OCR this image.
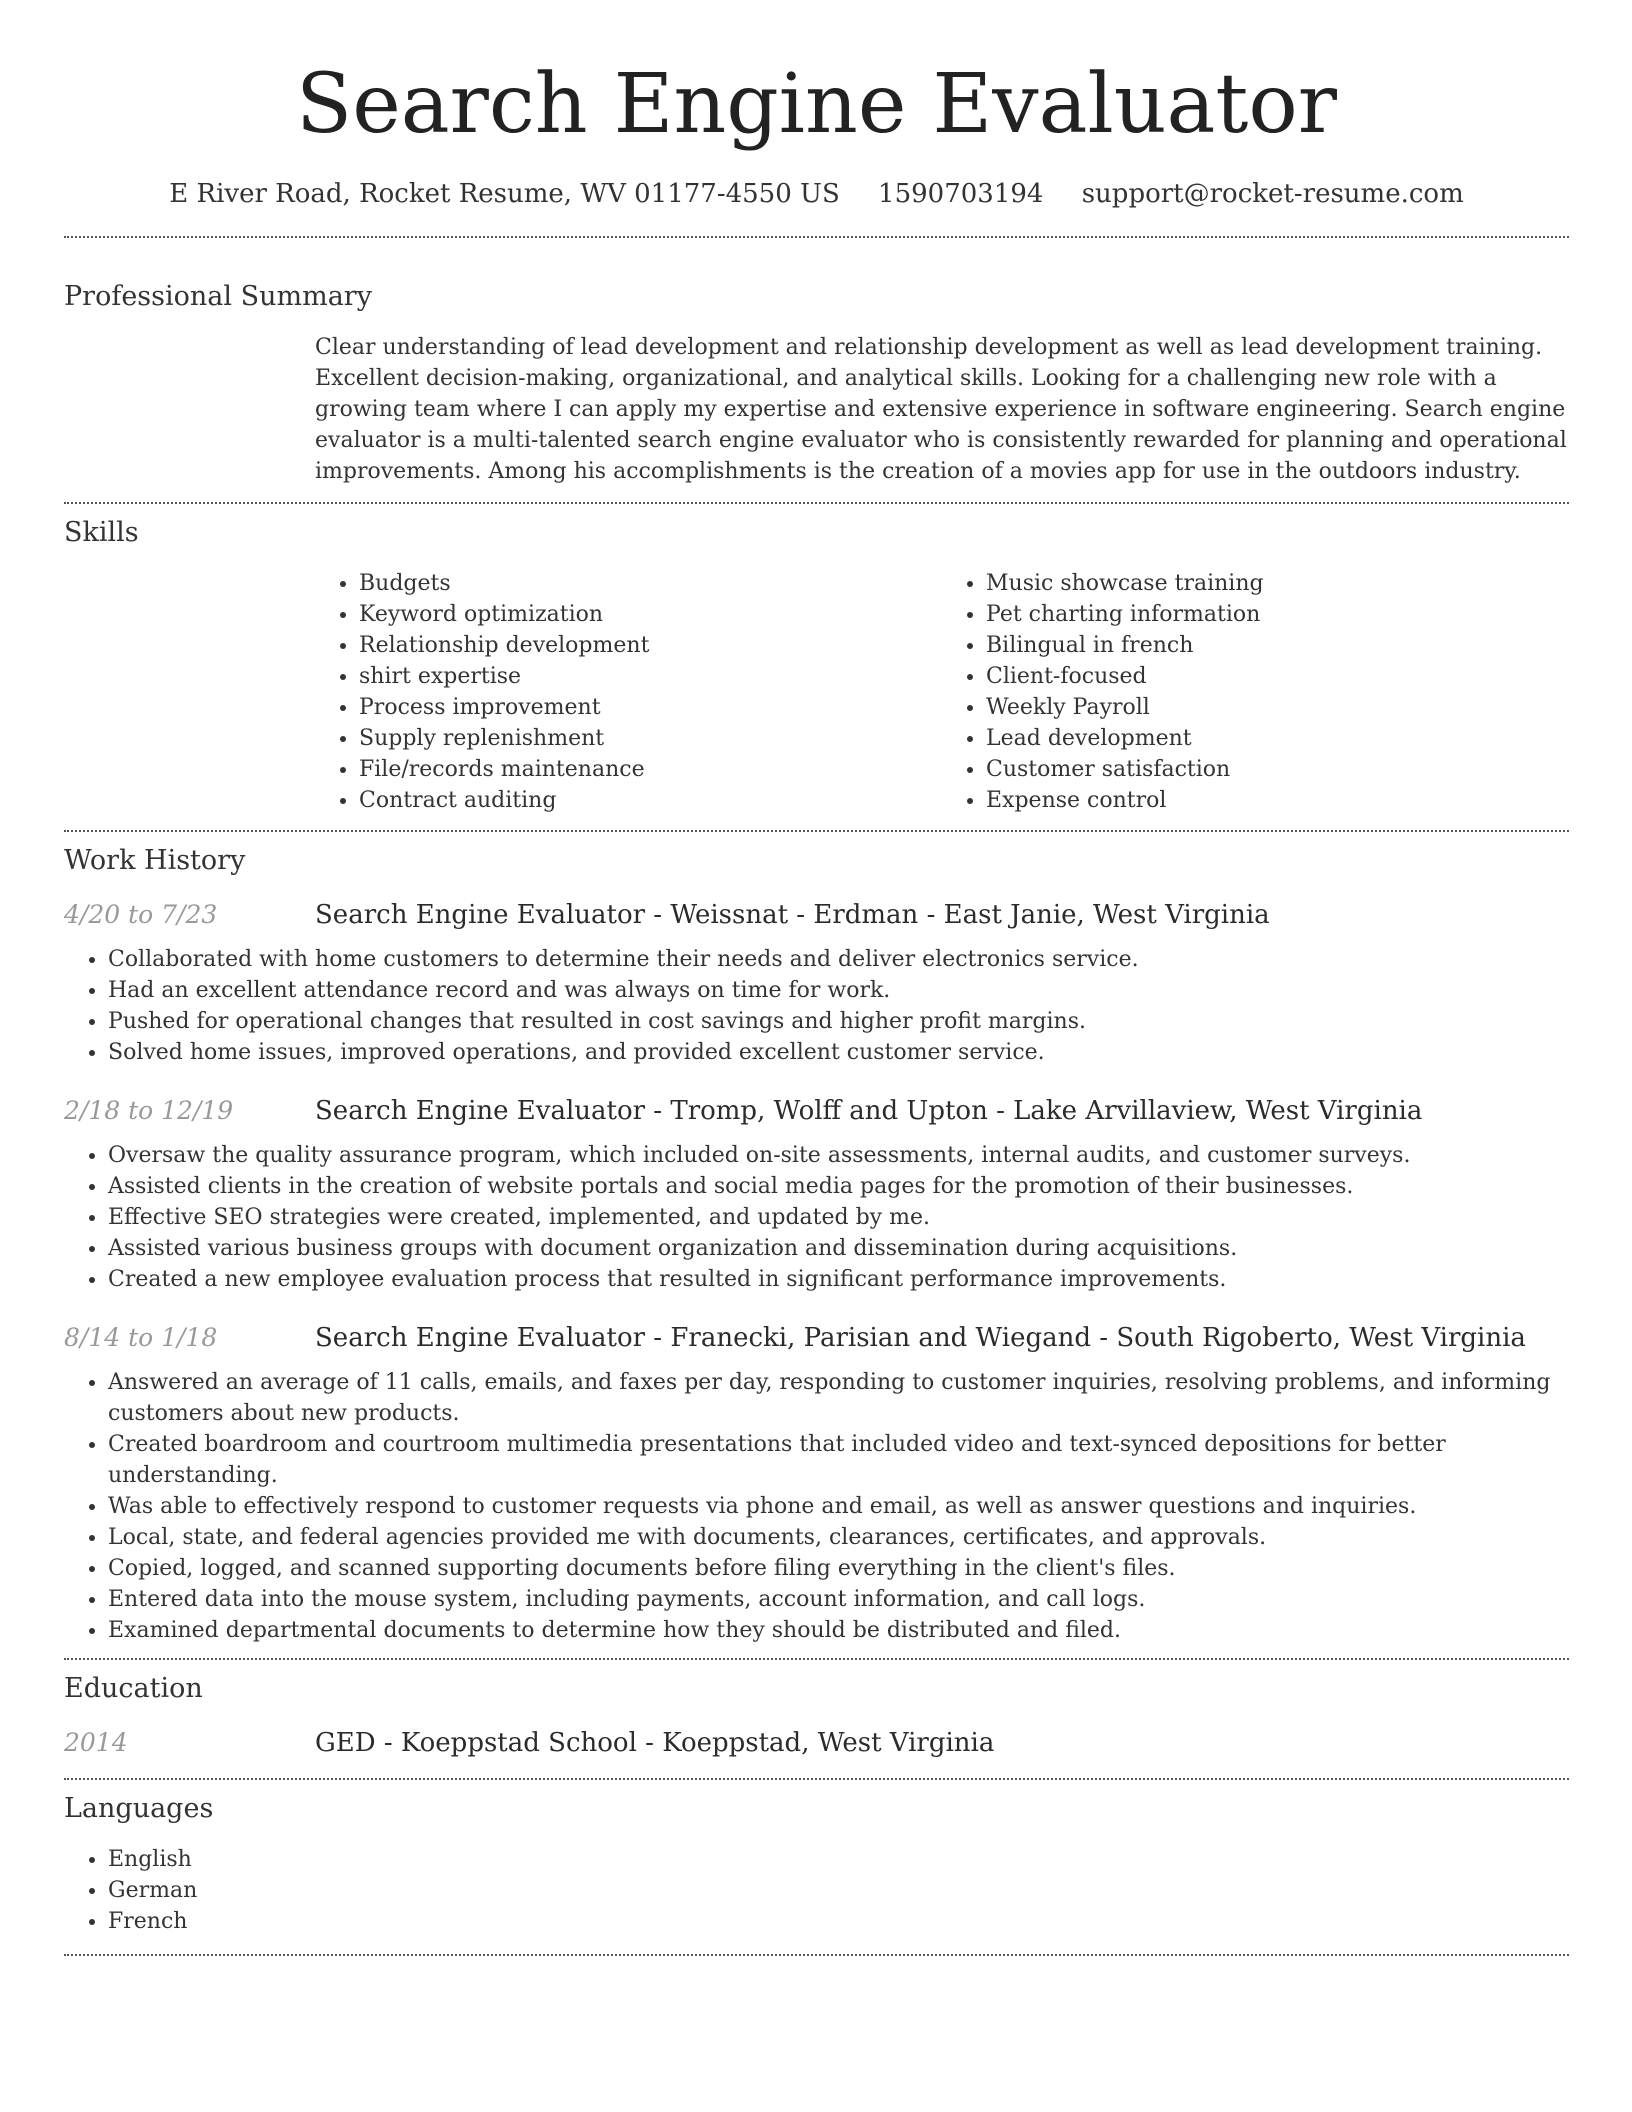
Search Engine Evaluator
E River Road, Rocket Resume, WV 01177-4550 US 1590703194 support@rocket-resume.com
Professional Summary
Clear understanding of lead development and relationship development as well as lead development training. Excellent decision-making, organizational, and analytical skills. Looking for a challenging new role with a growing team where I can apply my expertise and extensive experience in software engineering. Search engine evaluator is a multi-talented search engine evaluator who is consistently rewarded for planning and operational improvements. Among his accomplishments is the creation of a movies app for use in the outdoors industry.
Skills
• Budgets
• Keyword optimization
• Relationship development
• shirt expertise
• Process improvement
• Supply replenishment
• File/records maintenance
• Contract auditing
• Music showcase training
• Pet charting information
• Bilingual in french
• Client-focused
• Weekly Payroll
• Lead development
• Customer satisfaction
• Expense control
Work History
4/20 to 7/23	Search Engine Evaluator - Weissnat - Erdman - East Janie, West Virginia
• Collaborated with home customers to determine their needs and deliver electronics service.
• Had an excellent attendance record and was always on time for work.
• Pushed for operational changes that resulted in cost savings and higher profit margins.
• Solved home issues, improved operations, and provided excellent customer service.
2/18 to 12/19	Search Engine Evaluator - Tromp, Wolff and Upton - Lake Arvillaview, West Virginia
• Oversaw the quality assurance program, which included on-site assessments, internal audits, and customer surveys.
• Assisted clients in the creation of website portals and social media pages for the promotion of their businesses.
• Effective SEO strategies were created, implemented, and updated by me.
• Assisted various business groups with document organization and dissemination during acquisitions.
• Created a new employee evaluation process that resulted in significant performance improvements.
8/14 to 1/18	Search Engine Evaluator - Franecki, Parisian and Wiegand - South Rigoberto, West Virginia
• Answered an average of 11 calls, emails, and faxes per day, responding to customer inquiries, resolving problems, and informing customers about new products.
• Created boardroom and courtroom multimedia presentations that included video and text-synced depositions for better understanding.
• Was able to effectively respond to customer requests via phone and email, as well as answer questions and inquiries.
• Local, state, and federal agencies provided me with documents, clearances, certificates, and approvals.
• Copied, logged, and scanned supporting documents before filing everything in the client's files.
• Entered data into the mouse system, including payments, account information, and call logs.
• Examined departmental documents to determine how they should be distributed and filed.
Education
2014	GED - Koeppstad School - Koeppstad, West Virginia
Languages
• English
• German
• French
